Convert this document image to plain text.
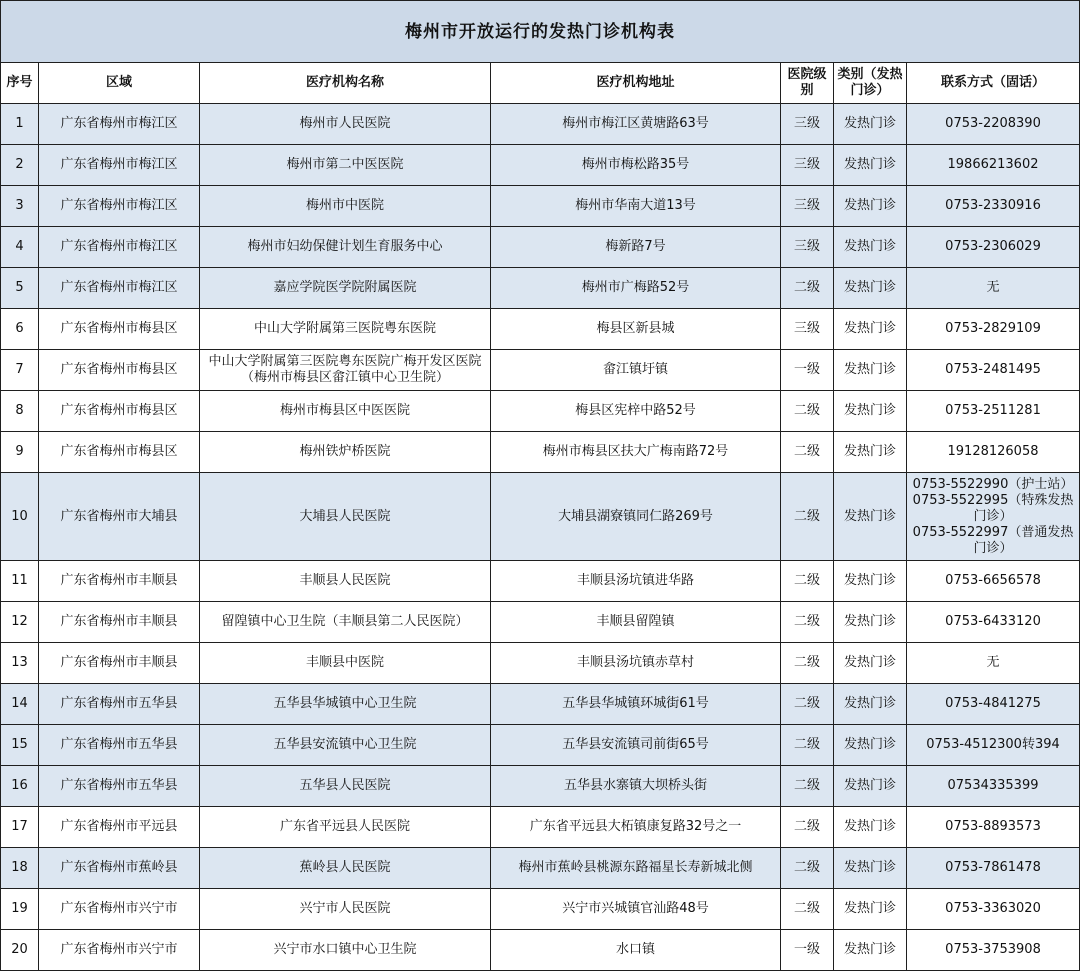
梅州市开放运行的发热门诊机构表						
序号	区域	医疗机构名称	医疗机构地址	医院级别	类别（发热门诊）	联系方式（固话）
1	广东省梅州市梅江区	梅州市人民医院	梅州市梅江区黄塘路63号	三级	发热门诊	0753-2208390

2	广东省梅州市梅江区	梅州市第二中医医院	梅州市梅松路35号	三级	发热门诊	19866213602

3	广东省梅州市梅江区	梅州市中医院	梅州市华南大道13号	三级	发热门诊	0753-2330916

4	广东省梅州市梅江区	梅州市妇幼保健计划生育服务中心	梅新路7号	三级	发热门诊	0753-2306029

5	广东省梅州市梅江区	嘉应学院医学院附属医院	梅州市广梅路52号	二级	发热门诊	无

6	广东省梅州市梅县区	中山大学附属第三医院粤东医院	梅县区新县城	三级	发热门诊	0753-2829109

7	广东省梅州市梅县区	中山大学附属第三医院粤东医院广梅开发区医院（梅州市梅县区畲江镇中心卫生院）	畲江镇圩镇	一级	发热门诊	0753-2481495

8	广东省梅州市梅县区	梅州市梅县区中医医院	梅县区宪梓中路52号	二级	发热门诊	0753-2511281

9	广东省梅州市梅县区	梅州铁炉桥医院	梅州市梅县区扶大广梅南路72号	二级	发热门诊	19128126058

10	广东省梅州市大埔县	大埔县人民医院	大埔县湖寮镇同仁路269号	二级	发热门诊	0753-5522990（护士站）
0753-5522995（特殊发热门诊）
0753-5522997（普通发热门诊）

11	广东省梅州市丰顺县	丰顺县人民医院	丰顺县汤坑镇进华路	二级	发热门诊	0753-6656578

12	广东省梅州市丰顺县	留隍镇中心卫生院（丰顺县第二人民医院）	丰顺县留隍镇	二级	发热门诊	0753-6433120

13	广东省梅州市丰顺县	丰顺县中医院	丰顺县汤坑镇赤草村	二级	发热门诊	无

14	广东省梅州市五华县	五华县华城镇中心卫生院	五华县华城镇环城街61号	二级	发热门诊	0753-4841275

15	广东省梅州市五华县	五华县安流镇中心卫生院	五华县安流镇司前街65号	二级	发热门诊	0753-4512300转394

16	广东省梅州市五华县	五华县人民医院	五华县水寨镇大坝桥头街	二级	发热门诊	07534335399

17	广东省梅州市平远县	广东省平远县人民医院	广东省平远县大柘镇康复路32号之一	二级	发热门诊	0753-8893573

18	广东省梅州市蕉岭县	蕉岭县人民医院	梅州市蕉岭县桃源东路福星长寿新城北侧	二级	发热门诊	0753-7861478

19	广东省梅州市兴宁市	兴宁市人民医院	兴宁市兴城镇官汕路48号	二级	发热门诊	0753-3363020

20	广东省梅州市兴宁市	兴宁市水口镇中心卫生院	水口镇	一级	发热门诊	0753-3753908
